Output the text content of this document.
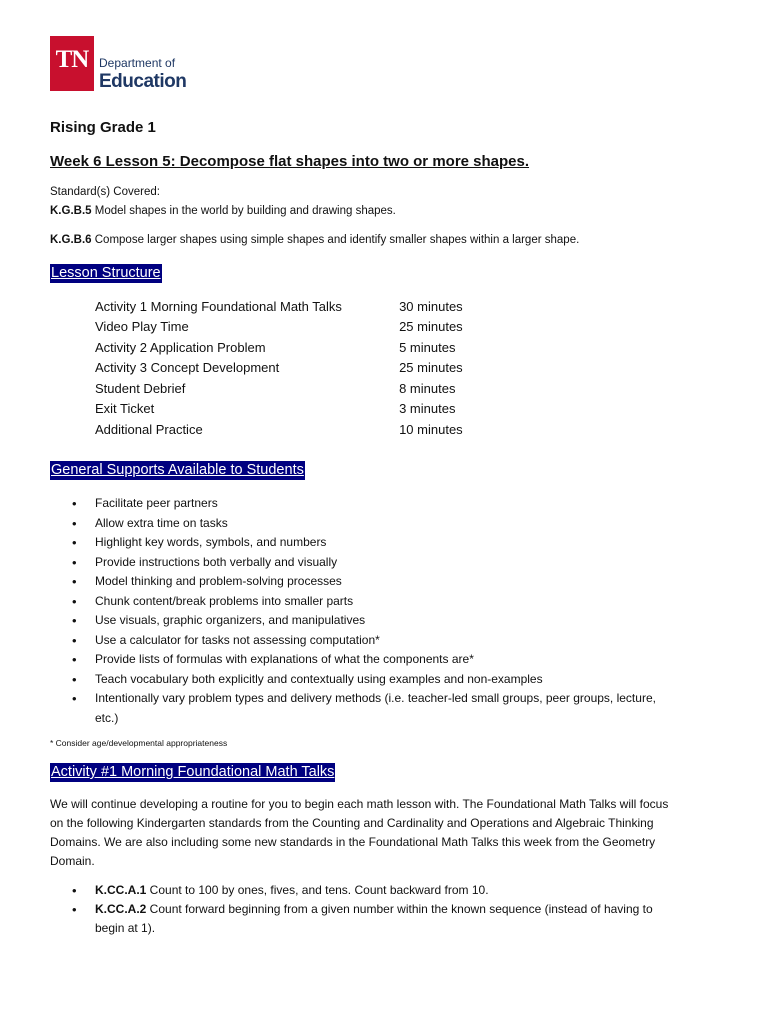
TN Department of
Education
Rising Grade 1
Week 6 Lesson 5: Decompose flat shapes into two or more shapes.
Standard(s) Covered:
K.G.B.5 Model shapes in the world by building and drawing shapes.
K.G.B.6 Compose larger shapes using simple shapes and identify smaller shapes within a larger shape.
Lesson Structure
Activity 1 Morning Foundational Math Talks	30 minutes
Video Play Time	25 minutes
Activity 2 Application Problem	5 minutes
Activity 3 Concept Development	25 minutes
Student Debrief	8 minutes
Exit Ticket	3 minutes
Additional Practice	10 minutes
General Supports Available to Students
• Facilitate peer partners
• Allow extra time on tasks
• Highlight key words, symbols, and numbers
• Provide instructions both verbally and visually
• Model thinking and problem-solving processes
• Chunk content/break problems into smaller parts
• Use visuals, graphic organizers, and manipulatives
• Use a calculator for tasks not assessing computation*
• Provide lists of formulas with explanations of what the components are*
• Teach vocabulary both explicitly and contextually using examples and non-examples
• Intentionally vary problem types and delivery methods (i.e. teacher-led small groups, peer groups, lecture, etc.)
* Consider age/developmental appropriateness
Activity #1 Morning Foundational Math Talks

We will continue developing a routine for you to begin each math lesson with. The Foundational Math Talks will focus on the following Kindergarten standards from the Counting and Cardinality and Operations and Algebraic Thinking Domains. We are also including some new standards in the Foundational Math Talks this week from the Geometry Domain.

• K.CC.A.1 Count to 100 by ones, fives, and tens. Count backward from 10.
• K.CC.A.2 Count forward beginning from a given number within the known sequence (instead of having to begin at 1).
